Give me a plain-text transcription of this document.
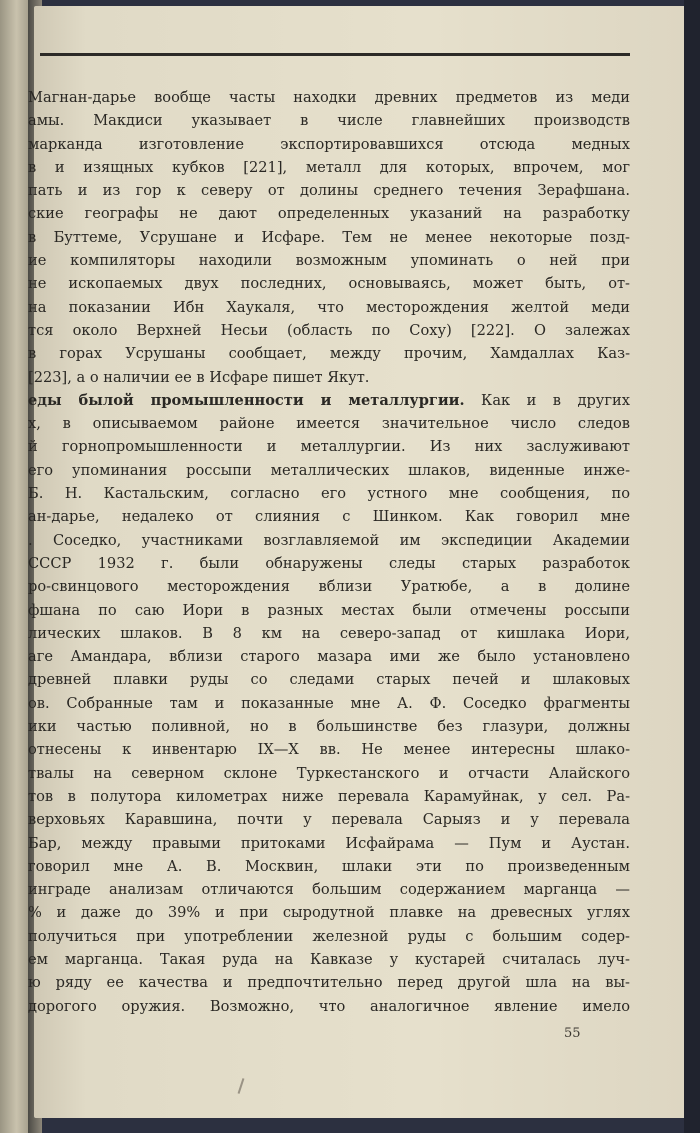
Магнан-дарье вообще часты находки древних предметов из меди
амы. Макдиси указывает в числе главнейших производств
марканда изготовление экспортировавшихся отсюда медных
в и изящных кубков [221], металл для которых, впрочем, мог
пать и из гор к северу от долины среднего течения Зерафшана.
ские географы не дают определенных указаний на разработку
в Буттеме, Усрушане и Исфаре. Тем не менее некоторые позд-
ие компиляторы находили возможным упоминать о ней при
не ископаемых двух последних, основываясь, может быть, от-
на показании Ибн Хаукаля, что месторождения желтой меди
тся около Верхней Несьи (область по Соху) [222]. О залежах
в горах Усрушаны сообщает, между прочим, Хамдаллах Каз-
[223], а о наличии ее в Исфаре пишет Якут.
еды былой промышленности и металлургии. Как и в других
х, в описываемом районе имеется значительное число следов
й горнопромышленности и металлургии. Из них заслуживают
его упоминания россыпи металлических шлаков, виденные инже-
Б. Н. Кастальским, согласно его устного мне сообщения, по
ан-дарье, недалеко от слияния с Шинком. Как говорил мне
. Соседко, участниками возглавляемой им экспедиции Академии
СССР 1932 г. были обнаружены следы старых разработок
ро-свинцового месторождения вблизи Уратюбе, а в долине
фшана по саю Иори в разных местах были отмечены россыпи
лических шлаков. В 8 км на северо-запад от кишлака Иори,
аге Амандара, вблизи старого мазара ими же было установлено
древней плавки руды со следами старых печей и шлаковых
ов. Собранные там и показанные мне А. Ф. Соседко фрагменты
ики частью поливной, но в большинстве без глазури, должны
отнесены к инвентарю IX—X вв. Не менее интересны шлако-
твалы на северном склоне Туркестанского и отчасти Алайского
тов в полутора километрах ниже перевала Карамуйнак, у сел. Ра-
верховьях Каравшина, почти у перевала Сарыяз и у перевала
Бар, между правыми притоками Исфайрама — Пум и Аустан.
говорил мне А. В. Москвин, шлаки эти по произведенным
инграде анализам отличаются большим содержанием марганца —
% и даже до 39% и при сыродутной плавке на древесных углях
получиться при употреблении железной руды с большим содер-
ем марганца. Такая руда на Кавказе у кустарей считалась луч-
ю ряду ее качества и предпочтительно перед другой шла на вы-
дорогого оружия. Возможно, что аналогичное явление имело
55
